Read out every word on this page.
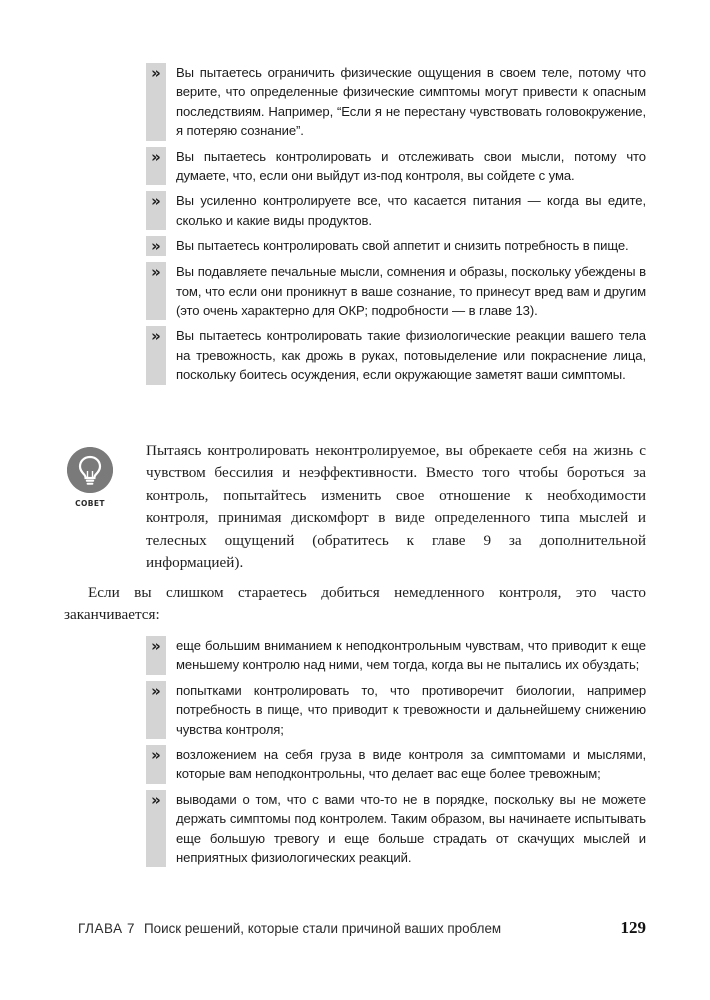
»	Вы пытаетесь ограничить физические ощущения в своем теле, потому что верите, что определенные физические симптомы могут привести к опасным последствиям. Например, “Если я не перестану чувствовать головокружение, я потеряю сознание”.
»	Вы пытаетесь контролировать и отслеживать свои мысли, потому что думаете, что, если они выйдут из-под контроля, вы сойдете с ума.
»	Вы усиленно контролируете все, что касается питания — когда вы едите, сколько и какие виды продуктов.
»	Вы пытаетесь контролировать свой аппетит и снизить потребность в пище.
»	Вы подавляете печальные мысли, сомнения и образы, поскольку убеждены в том, что если они проникнут в ваше сознание, то принесут вред вам и другим (это очень характерно для ОКР; подробности — в главе 13).
»	Вы пытаетесь контролировать такие физиологические реакции вашего тела на тревожность, как дрожь в руках, потовыделение или покраснение лица, поскольку боитесь осуждения, если окружающие заметят ваши симптомы.
СОВЕТ
Пытаясь контролировать неконтролируемое, вы обрекаете себя на жизнь с чувством бессилия и неэффективности. Вместо того чтобы бороться за контроль, попытайтесь изменить свое отношение к необходимости контроля, принимая дискомфорт в виде определенного типа мыслей и телесных ощущений (обратитесь к главе 9 за дополнительной информацией).
Если вы слишком стараетесь добиться немедленного контроля, это часто заканчивается:
»	еще большим вниманием к неподконтрольным чувствам, что приводит к еще меньшему контролю над ними, чем тогда, когда вы не пытались их обуздать;
»	попытками контролировать то, что противоречит биологии, например потребность в пище, что приводит к тревожности и дальнейшему снижению чувства контроля;
»	возложением на себя груза в виде контроля за симптомами и мыслями, которые вам неподконтрольны, что делает вас еще более тревожным;
»	выводами о том, что с вами что-то не в порядке, поскольку вы не можете держать симптомы под контролем. Таким образом, вы начинаете испытывать еще большую тревогу и еще больше страдать от скачущих мыслей и неприятных физиологических реакций.
ГЛАВА 7 Поиск решений, которые стали причиной ваших проблем	129
